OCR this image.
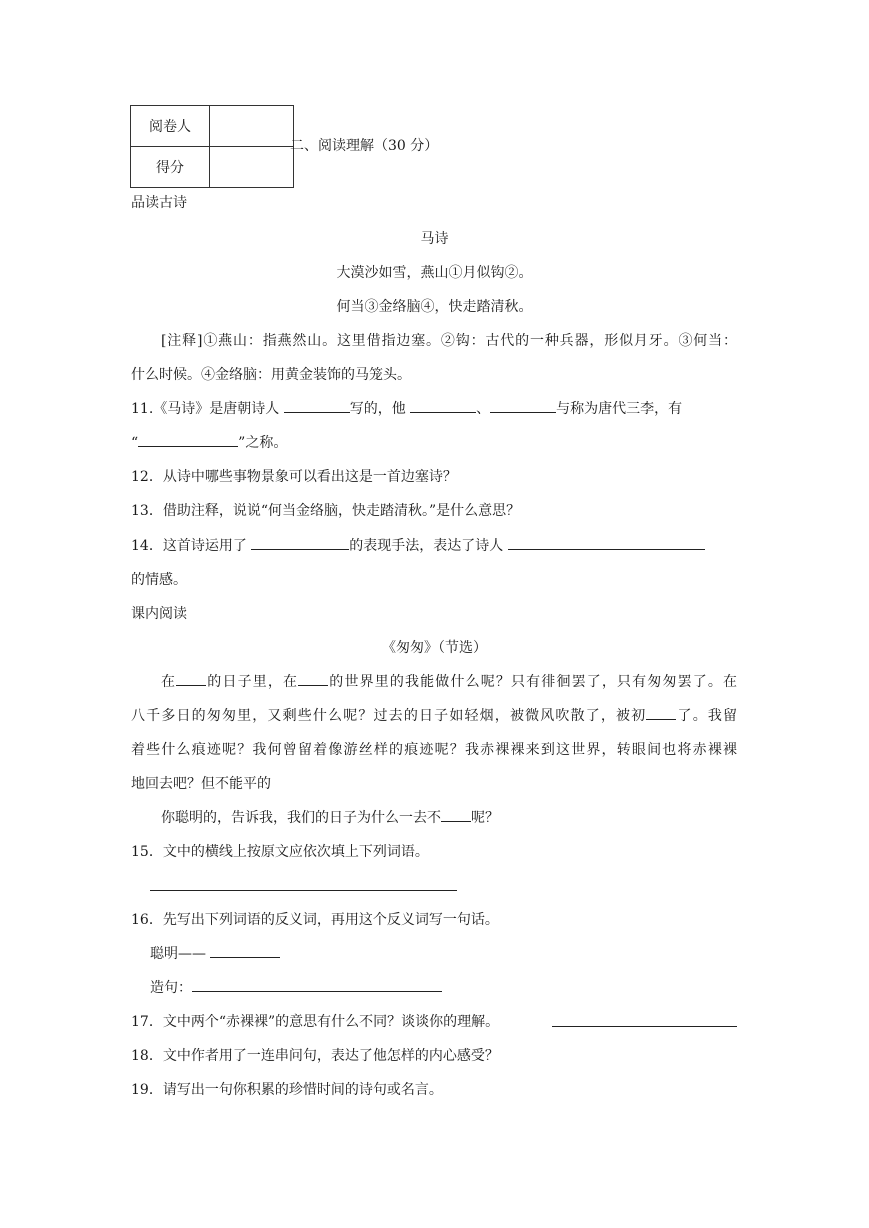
阅卷人	
得分	
二、阅读理解（30 分）
品读古诗
马诗
大漠沙如雪，燕山①月似钩②。
何当③金络脑④，快走踏清秋。
[注释]①燕山：指燕然山。这里借指边塞。②钩：古代的一种兵器，形似月牙。③何当：
什么时候。④金络脑：用黄金装饰的马笼头。
11.《马诗》是唐朝诗人	写的，他	、	与称为唐代三李，有
“	”之称。
12．从诗中哪些事物景象可以看出这是一首边塞诗？
13．借助注释，说说“何当金络脑，快走踏清秋。”是什么意思？
14．这首诗运用了	的表现手法，表达了诗人
的情感。
课内阅读
《匆匆》（节选）
在 的日子里，在 的世界里的我能做什么呢？只有徘徊罢了，只有匆匆罢了。在
八千多日的匆匆里，又剩些什么呢？过去的日子如轻烟，被微风吹散了，被初 了。我留
着些什么痕迹呢？我何曾留着像游丝样的痕迹呢？我赤裸裸来到这世界，转眼间也将赤裸裸
地回去吧？但不能平的
你聪明的，告诉我，我们的日子为什么一去不 呢？
15．文中的横线上按原文应依次填上下列词语。
16．先写出下列词语的反义词，再用这个反义词写一句话。
聪明——
造句：
17．文中两个“赤裸裸”的意思有什么不同？谈谈你的理解。
18．文中作者用了一连串问句，表达了他怎样的内心感受？
19．请写出一句你积累的珍惜时间的诗句或名言。
